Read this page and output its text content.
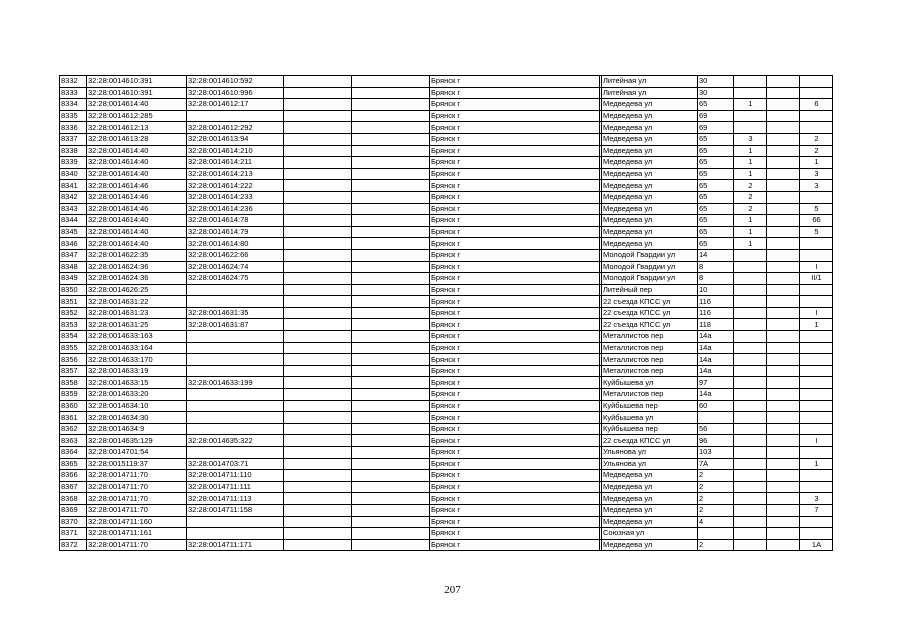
8332	32:28:0014610:391	32:28:0014610:592			Брянск г		Литейная ул	30			
8333	32:28:0014610:391	32:28:0014610:996			Брянск г		Литейная ул	30			
8334	32:28:0014614:40	32:28:0014612:17			Брянск г		Медведева ул	65	1		6
8335	32:28:0014612:285				Брянск г		Медведева ул	69			
8336	32:28:0014612:13	32:28:0014612:292			Брянск г		Медведева ул	69			
8337	32:28:0014613:28	32:28:0014613:94			Брянск г		Медведева ул	65	3		2
8338	32:28:0014614:40	32:28:0014614:210			Брянск г		Медведева ул	65	1		2
8339	32:28:0014614:40	32:28:0014614:211			Брянск г		Медведева ул	65	1		1
8340	32:28:0014614:40	32:28:0014614:213			Брянск г		Медведева ул	65	1		3
8341	32:28:0014614:46	32:28:0014614:222			Брянск г		Медведева ул	65	2		3
8342	32:28:0014614:46	32:28:0014614:233			Брянск г		Медведева ул	65	2		
8343	32:28:0014614:46	32:28:0014614:236			Брянск г		Медведева ул	65	2		5
8344	32:28:0014614:40	32:28:0014614:78			Брянск г		Медведева ул	65	1		66
8345	32:28:0014614:40	32:28:0014614:79			Брянск г		Медведева ул	65	1		5
8346	32:28:0014614:40	32:28:0014614:80			Брянск г		Медведева ул	65	1		
8347	32:28:0014622:35	32:28:0014622:66			Брянск г		Молодой Гвардии ул	14			
8348	32:28:0014624:36	32:28:0014624:74			Брянск г		Молодой Гвардии ул	8			I
8349	32:28:0014624:36	32:28:0014624:75			Брянск г		Молодой Гвардии ул	8			II/1
8350	32:28:0014626:25				Брянск г		Литейный пер	10			
8351	32:28:0014631:22				Брянск г		22 съезда КПСС ул	116			
8352	32:28:0014631:23	32:28:0014631:35			Брянск г		22 съезда КПСС ул	116			I
8353	32:28:0014631:25	32:28:0014631:87			Брянск г		22 съезда КПСС ул	118			1
8354	32:28:0014633:163				Брянск г		Металлистов пер	14а			
8355	32:28:0014633:164				Брянск г		Металлистов пер	14а			
8356	32:28:0014633:170				Брянск г		Металлистов пер	14а			
8357	32:28:0014633:19				Брянск г		Металлистов пер	14а			
8358	32:28:0014633:15	32:28:0014633:199			Брянск г		Куйбышева ул	97			
8359	32:28:0014633:20				Брянск г		Металлистов пер	14а			
8360	32:28:0014634:10				Брянск г		Куйбышева пер	60			
8361	32:28:0014634:30				Брянск г		Куйбышева ул				
8362	32:28:0014634:9				Брянск г		Куйбышева пер	56			
8363	32:28:0014635:129	32:28:0014635:322			Брянск г		22 съезда КПСС ул	96			I
8364	32:28:0014701:54				Брянск г		Ульянова ул	103			
8365	32:28:0015119:37	32:28:0014703:71			Брянск г		Ульянова ул	7А			1
8366	32:28:0014711:70	32:28:0014711:110			Брянск г		Медведева ул	2			
8367	32:28:0014711:70	32:28:0014711:111			Брянск г		Медведева ул	2			
8368	32:28:0014711:70	32:28:0014711:113			Брянск г		Медведева ул	2			3
8369	32:28:0014711:70	32:28:0014711:158			Брянск г		Медведева ул	2			7
8370	32:28:0014711:160				Брянск г		Медведева ул	4			
8371	32:28:0014711:161				Брянск г		Союзная ул				
8372	32:28:0014711:70	32:28:0014711:171			Брянск г		Медведева ул	2			1А
207
